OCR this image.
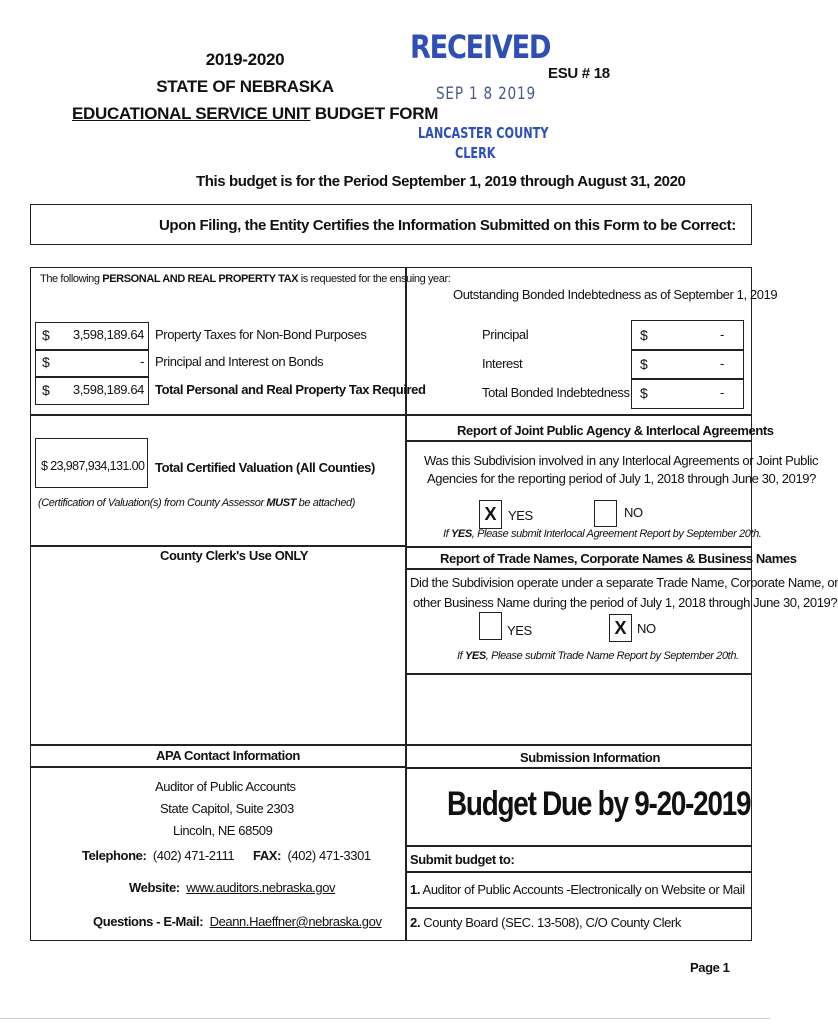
2019-2020
STATE OF NEBRASKA
EDUCATIONAL SERVICE UNIT BUDGET FORM
ESU # 18
RECEIVED
SEP 1 8 2019
LANCASTER COUNTY
CLERK
This budget is for the Period September 1, 2019 through August 31, 2020
Upon Filing, the Entity Certifies the Information Submitted on this Form to be Correct:
The following PERSONAL AND REAL PROPERTY TAX is requested for the ensuing year:
$	3,598,189.64 Property Taxes for Non-Bond Purposes
$	- Principal and Interest on Bonds
$	3,598,189.64 Total Personal and Real Property Tax Required
Outstanding Bonded Indebtedness as of September 1, 2019
Principal	$	-
Interest	$	-
Total Bonded Indebtedness $	-
$ 23,987,934,131.00 Total Certified Valuation (All Counties)
(Certification of Valuation(s) from County Assessor MUST be attached)
County Clerk's Use ONLY
Report of Joint Public Agency & Interlocal Agreements
Was this Subdivision involved in any Interlocal Agreements or Joint Public
Agencies for the reporting period of July 1, 2018 through June 30, 2019?
X YES	NO
If YES, Please submit Interlocal Agreement Report by September 20th.
Report of Trade Names, Corporate Names & Business Names
Did the Subdivision operate under a separate Trade Name, Corporate Name, or
other Business Name during the period of July 1, 2018 through June 30, 2019?
YES	X NO
If YES, Please submit Trade Name Report by September 20th.
APA Contact Information
Auditor of Public Accounts
State Capitol, Suite 2303
Lincoln, NE 68509
Telephone: (402) 471-2111 FAX: (402) 471-3301
Website: www.auditors.nebraska.gov
Questions - E-Mail: Deann.Haeffner@nebraska.gov
Submission Information
Budget Due by 9-20-2019
Submit budget to:
1. Auditor of Public Accounts -Electronically on Website or Mail
2. County Board (SEC. 13-508), C/O County Clerk
Page 1
